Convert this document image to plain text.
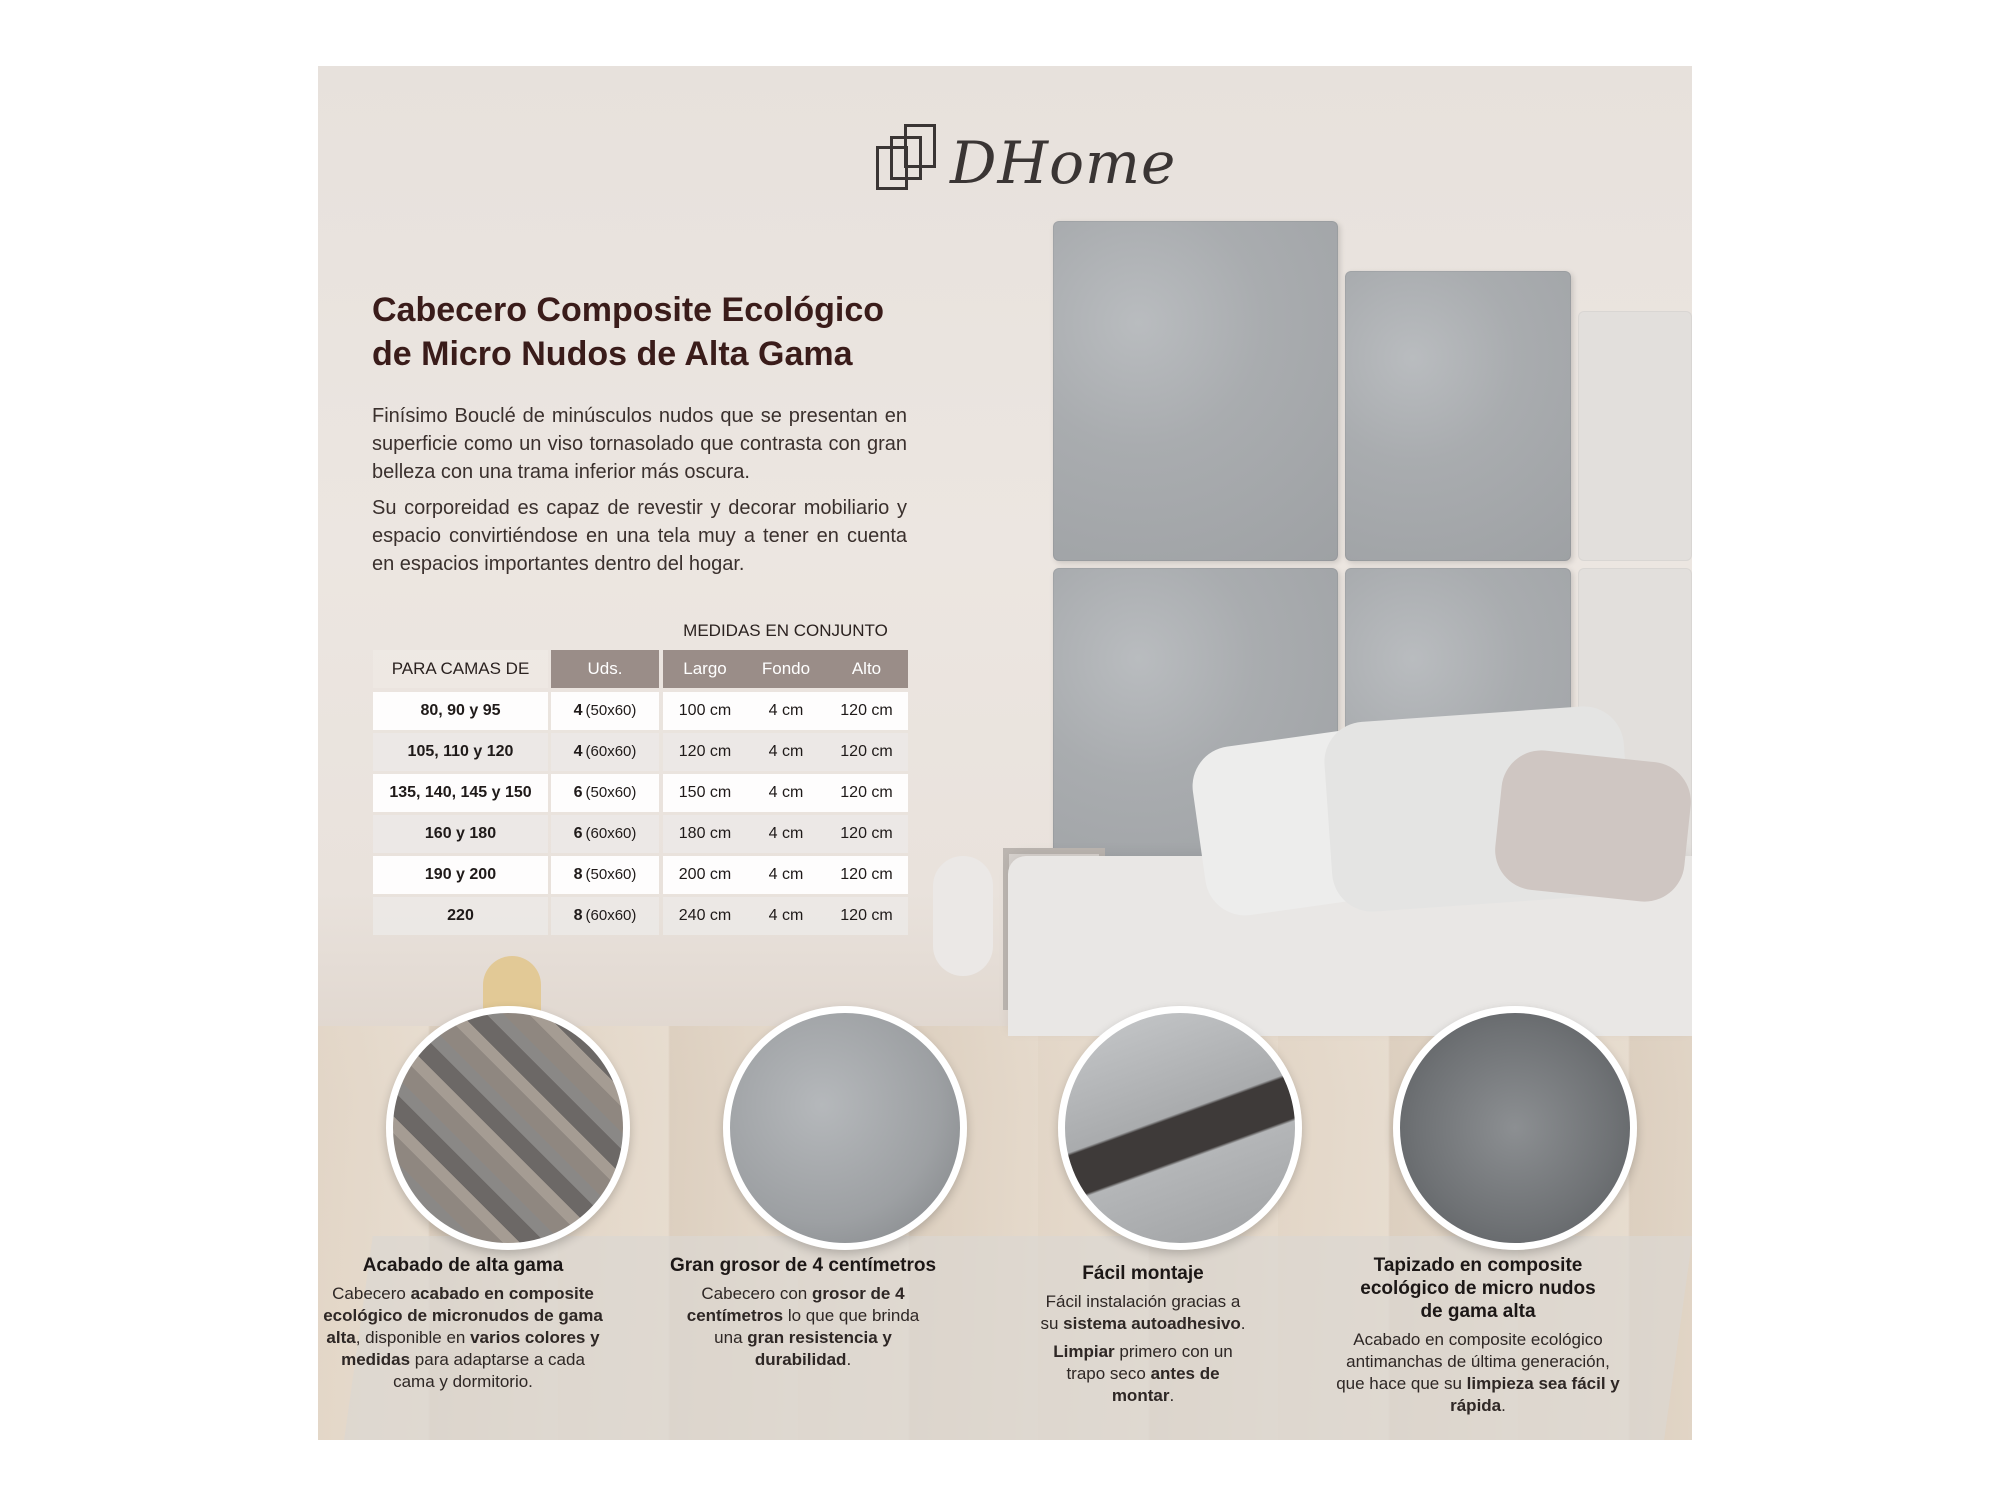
DHome
Cabecero Composite Ecológico
de Micro Nudos de Alta Gama
Finísimo Bouclé de minúsculos nudos que se presentan en superficie como un viso tornasolado que contrasta con gran belleza con una trama inferior más oscura.
Su corporeidad es capaz de revestir y decorar mobiliario y espacio convirtiéndose en una tela muy a tener en cuenta en espacios importantes dentro del hogar.
MEDIDAS EN CONJUNTO
PARA CAMAS DE	Uds.	Largo	Fondo	Alto
80, 90 y 95	4 (50x60)	100 cm	4 cm	120 cm
105, 110 y 120	4 (60x60)	120 cm	4 cm	120 cm
135, 140, 145 y 150	6 (50x60)	150 cm	4 cm	120 cm
160 y 180	6 (60x60)	180 cm	4 cm	120 cm
190 y 200	8 (50x60)	200 cm	4 cm	120 cm
220	8 (60x60)	240 cm	4 cm	120 cm
Acabado de alta gama
Cabecero acabado en composite ecológico de micronudos de gama alta, disponible en varios colores y medidas para adaptarse a cada cama y dormitorio.
Gran grosor de 4 centímetros
Cabecero con grosor de 4 centímetros lo que que brinda una gran resistencia y durabilidad.
Fácil montaje
Fácil instalación gracias a su sistema autoadhesivo.
Limpiar primero con un trapo seco antes de montar.
Tapizado en composite ecológico de micro nudos de gama alta
Acabado en composite ecológico antimanchas de última generación, que hace que su limpieza sea fácil y rápida.
